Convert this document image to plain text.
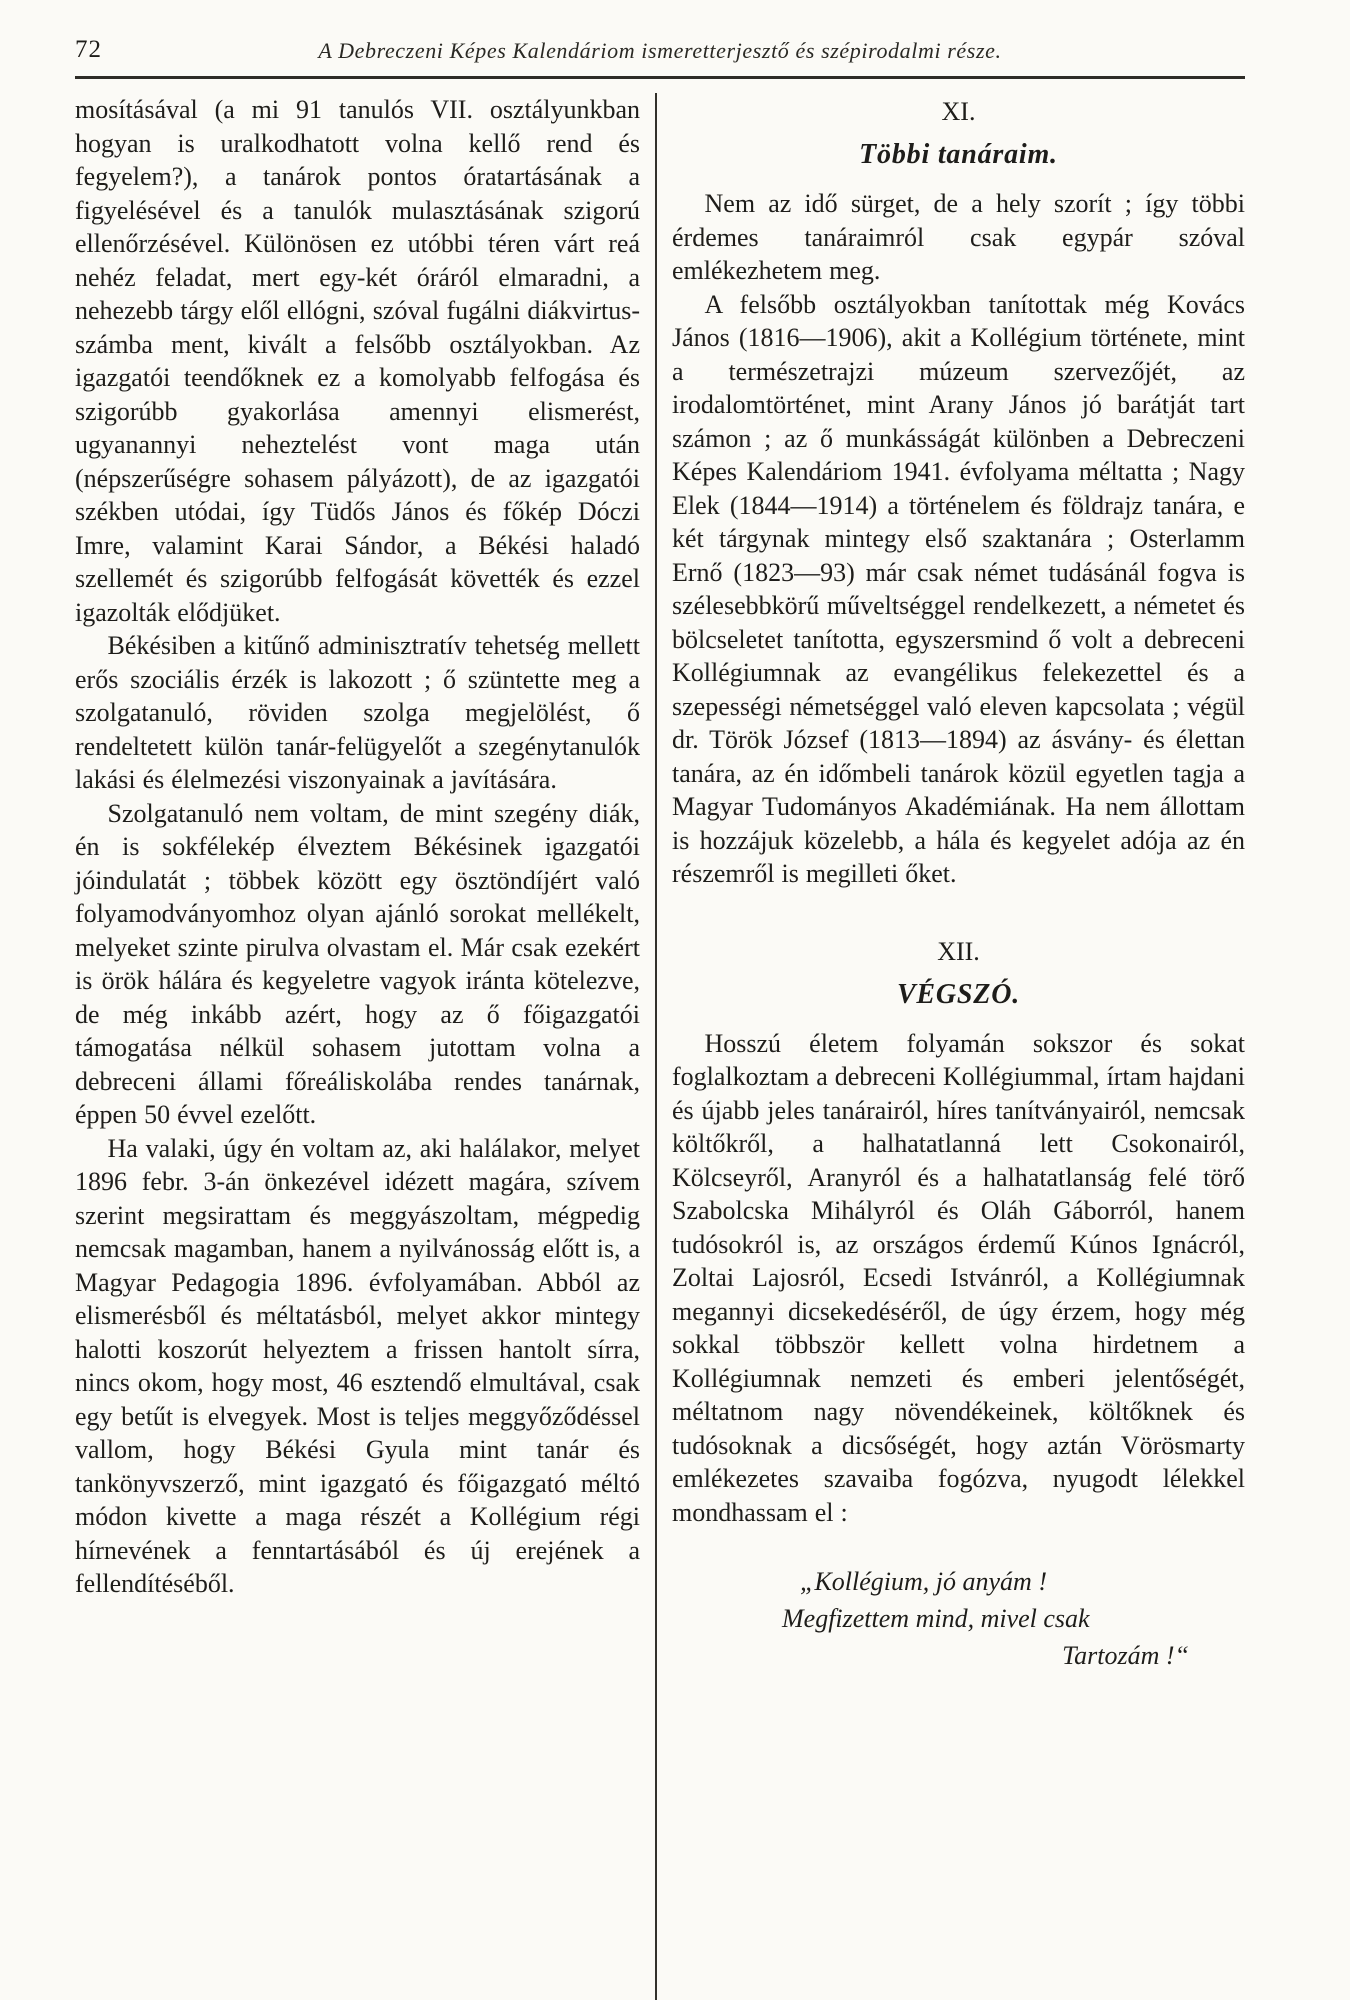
72	A Debreczeni Képes Kalendáriom ismeretterjesztő és szépirodalmi része.

mosításával (a mi 91 tanulós VII. osztályunkban hogyan is uralkodhatott volna kellő rend és fegyelem?), a tanárok pontos óratartásának a figyelésével és a tanulók mulasztásának szigorú ellenőrzésével. Különösen ez utóbbi téren várt reá nehéz feladat, mert egy-két óráról elmaradni, a nehezebb tárgy elől ellógni, szóval fugálni diákvirtus-számba ment, kivált a felsőbb osztályokban. Az igazgatói teendőknek ez a komolyabb felfogása és szigorúbb gyakorlása amennyi elismerést, ugyanannyi neheztelést vont maga után (népszerűségre sohasem pályázott), de az igazgatói székben utódai, így Tüdős János és főkép Dóczi Imre, valamint Karai Sándor, a Békési haladó szellemét és szigorúbb felfogását követték és ezzel igazolták elődjüket.

Békésiben a kitűnő adminisztratív tehetség mellett erős szociális érzék is lakozott ; ő szüntette meg a szolgatanuló, röviden szolga megjelölést, ő rendeltetett külön tanár-felügyelőt a szegénytanulók lakási és élelmezési viszonyainak a javítására.

Szolgatanuló nem voltam, de mint szegény diák, én is sokfélekép élveztem Békésinek igazgatói jóindulatát ; többek között egy ösztöndíjért való folyamodványomhoz olyan ajánló sorokat mellékelt, melyeket szinte pirulva olvastam el. Már csak ezekért is örök hálára és kegyeletre vagyok iránta kötelezve, de még inkább azért, hogy az ő főigazgatói támogatása nélkül sohasem jutottam volna a debreceni állami főreáliskolába rendes tanárnak, éppen 50 évvel ezelőtt.

Ha valaki, úgy én voltam az, aki halálakor, melyet 1896 febr. 3-án önkezével idézett magára, szívem szerint megsirattam és meggyászoltam, mégpedig nemcsak magamban, hanem a nyilvánosság előtt is, a Magyar Pedagogia 1896. évfolyamában. Abból az elismerésből és méltatásból, melyet akkor mintegy halotti koszorút helyeztem a frissen hantolt sírra, nincs okom, hogy most, 46 esztendő elmultával, csak egy betűt is elvegyek. Most is teljes meggyőződéssel vallom, hogy Békési Gyula mint tanár és tankönyvszerző, mint igazgató és főigazgató méltó módon kivette a maga részét a Kollégium régi hírnevének a fenntartásából és új erejének a fellendítéséből.

XI.
Többi tanáraim.

Nem az idő sürget, de a hely szorít ; így többi érdemes tanáraimról csak egypár szóval emlékezhetem meg.

A felsőbb osztályokban tanítottak még Kovács János (1816—1906), akit a Kollégium története, mint a természetrajzi múzeum szervezőjét, az irodalomtörténet, mint Arany János jó barátját tart számon ; az ő munkásságát különben a Debreczeni Képes Kalendáriom 1941. évfolyama méltatta ; Nagy Elek (1844—1914) a történelem és földrajz tanára, e két tárgynak mintegy első szaktanára ; Osterlamm Ernő (1823—93) már csak német tudásánál fogva is szélesebbkörű műveltséggel rendelkezett, a németet és bölcseletet tanította, egyszersmind ő volt a debreceni Kollégiumnak az evangélikus felekezettel és a szepességi németséggel való eleven kapcsolata ; végül dr. Török József (1813—1894) az ásvány- és élettan tanára, az én időmbeli tanárok közül egyetlen tagja a Magyar Tudományos Akadémiának. Ha nem állottam is hozzájuk közelebb, a hála és kegyelet adója az én részemről is megilleti őket.

XII.
VÉGSZÓ.

Hosszú életem folyamán sokszor és sokat foglalkoztam a debreceni Kollégiummal, írtam hajdani és újabb jeles tanárairól, híres tanítványairól, nemcsak költőkről, a halhatatlanná lett Csokonairól, Kölcseyről, Aranyról és a halhatatlanság felé törő Szabolcska Mihályról és Oláh Gáborról, hanem tudósokról is, az országos érdemű Kúnos Ignácról, Zoltai Lajosról, Ecsedi Istvánról, a Kollégiumnak megannyi dicsekedéséről, de úgy érzem, hogy még sokkal többször kellett volna hirdetnem a Kollégiumnak nemzeti és emberi jelentőségét, méltatnom nagy növendékeinek, költőknek és tudósoknak a dicsőségét, hogy aztán Vörösmarty emlékezetes szavaiba fogózva, nyugodt lélekkel mondhassam el :

„Kollégium, jó anyám !
Megfizettem mind, mivel csak
Tartozám !“
